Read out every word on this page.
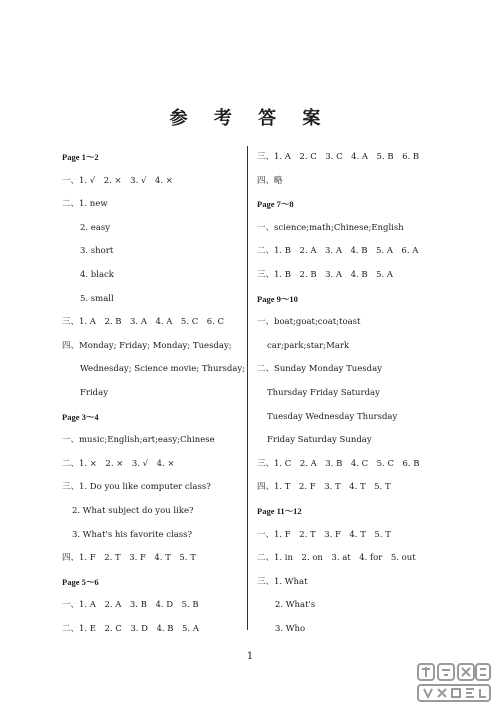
参 考 答 案
Page 1～2
一、1. √　2. ×　3. √　4. ×
二、1. new
2. easy
3. short
4. black
5. small
三、1. A　2. B　3. A　4. A　5. C　6. C
四、Monday; Friday; Monday; Tuesday;
Wednesday; Science movie; Thursday;
Friday
Page 3～4
一、music;English;art;easy;Chinese
二、1. ×　2. ×　3. √　4. ×
三、1. Do you like computer class?
2. What subject do you like?
3. What's his favorite class?
四、1. F　2. T　3. F　4. T　5. T
Page 5～6
一、1. A　2. A　3. B　4. D　5. B
二、1. E　2. C　3. D　4. B　5. A
三、1. A　2. C　3. C　4. A　5. B　6. B
四、略
Page 7～8
一、science;math;Chinese;English
二、1. B　2. A　3. A　4. B　5. A　6. A
三、1. B　2. B　3. A　4. B　5. A
Page 9～10
一、boat;goat;coat;toast
car;park;star;Mark
二、Sunday Monday Tuesday
Thursday Friday Saturday
Tuesday Wednesday Thursday
Friday Saturday Sunday
三、1. C　2. A　3. B　4. C　5. C　6. B
四、1. T　2. F　3. T　4. T　5. T
Page 11～12
一、1. F　2. T　3. F　4. T　5. T
二、1. in　2. on　3. at　4. for　5. out
三、1. What
2. What's
3. Who
1
